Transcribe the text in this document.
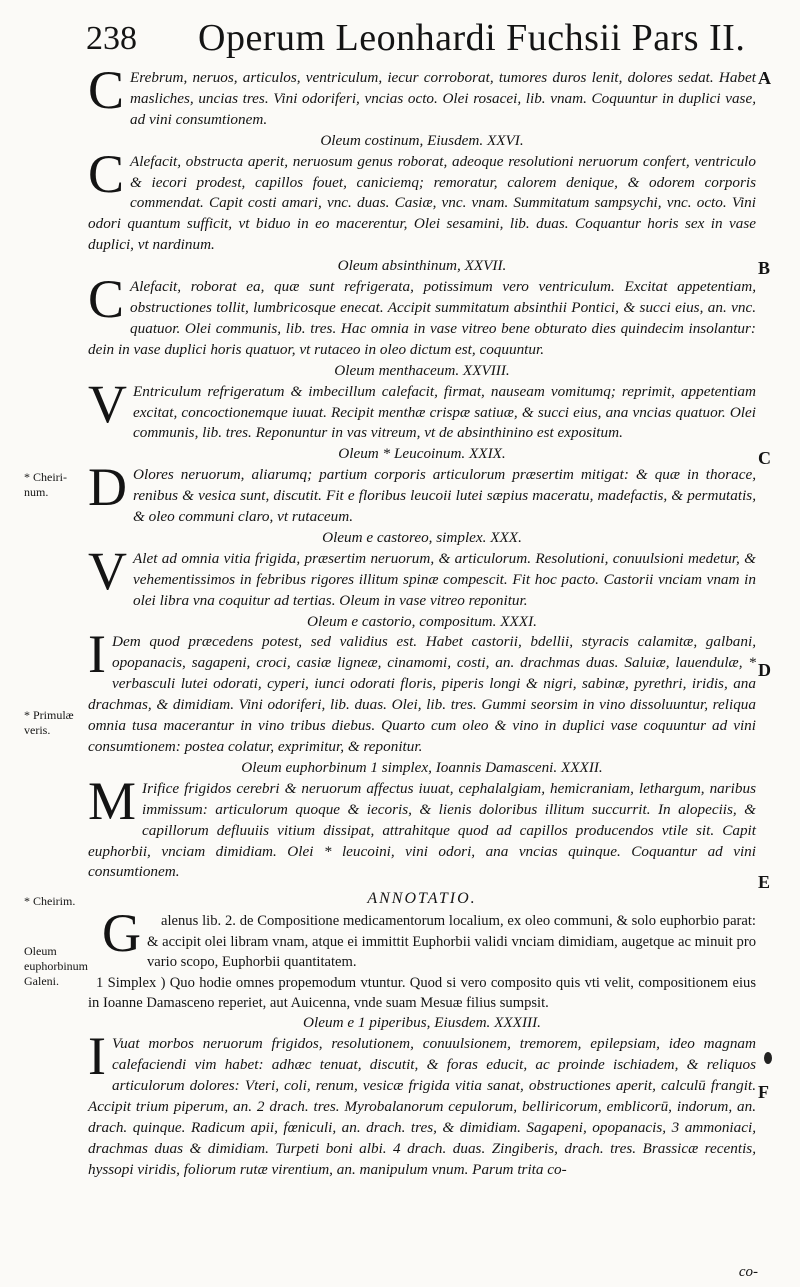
238 Operum Leonhardi Fuchsii Pars II.

CErebrum, neruos, articulos, ventriculum, iecur corroborat, tumores duros lenit, dolores sedat. Habet masliches, uncias tres. Vini odoriferi, vncias octo. Olei rosacei, lib. vnam. Coquuntur in duplici vase, ad vini consumtionem.

Oleum costinum, Eiusdem. XXVI.

CAlefacit, obstructa aperit, neruosum genus roborat, adeoque resolutioni neruorum confert, ventriculo & iecori prodest, capillos fouet, caniciemq; remoratur, calorem denique, & odorem corporis commendat. Capit costi amari, vnc. duas. Casiæ, vnc. vnam. Summitatum sampsychi, vnc. octo. Vini odori quantum sufficit, vt biduo in eo macerentur, Olei sesamini, lib. duas. Coquantur horis sex in vase duplici, vt nardinum.

Oleum absinthinum, XXVII.

CAlefacit, roborat ea, quæ sunt refrigerata, potissimum vero ventriculum. Excitat appetentiam, obstructiones tollit, lumbricosque enecat. Accipit summitatum absinthii Pontici, & succi eius, an. vnc. quatuor. Olei communis, lib. tres. Hac omnia in vase vitreo bene obturato dies quindecim insolantur: dein in vase duplici horis quatuor, vt rutaceo in oleo dictum est, coquuntur.

Oleum menthaceum. XXVIII.

VEntriculum refrigeratum & imbecillum calefacit, firmat, nauseam vomitumq; reprimit, appetentiam excitat, concoctionemque iuuat. Recipit menthæ crispæ satiuæ, & succi eius, ana vncias quatuor. Olei communis, lib. tres. Reponuntur in vas vitreum, vt de absinthinino est expositum.

Oleum * Leucoinum. XXIX.

DOlores neruorum, aliarumq; partium corporis articulorum præsertim mitigat: & quæ in thorace, renibus & vesica sunt, discutit. Fit e floribus leucoii lutei sæpius maceratu, madefactis, & permutatis, & oleo communi claro, vt rutaceum.

Oleum e castoreo, simplex. XXX.

VAlet ad omnia vitia frigida, præsertim neruorum, & articulorum. Resolutioni, conuulsioni medetur, & vehementissimos in febribus rigores illitum spinæ compescit. Fit hoc pacto. Castorii vnciam vnam in olei libra vna coquitur ad tertias. Oleum in vase vitreo reponitur.

Oleum e castorio, compositum. XXXI.

IDem quod præcedens potest, sed validius est. Habet castorii, bdellii, styracis calamitæ, galbani, opopanacis, sagapeni, croci, casiæ ligneæ, cinamomi, costi, an. drachmas duas. Saluiæ, lauendulæ, * verbasculi lutei odorati, cyperi, iunci odorati floris, piperis longi & nigri, sabinæ, pyrethri, iridis, ana drachmas, & dimidiam. Vini odoriferi, lib. duas. Olei, lib. tres. Gummi seorsim in vino dissoluuntur, reliqua omnia tusa macerantur in vino tribus diebus. Quarto cum oleo & vino in duplici vase coquuntur ad vini consumtionem: postea colatur, exprimitur, & reponitur.

Oleum euphorbinum 1 simplex, Ioannis Damasceni. XXXII.

MIrifice frigidos cerebri & neruorum affectus iuuat, cephalalgiam, hemicraniam, lethargum, naribus immissum: articulorum quoque & iecoris, & lienis doloribus illitum succurrit. In alopeciis, & capillorum defluuiis vitium dissipat, attrahitque quod ad capillos producendos vtile sit. Capit euphorbii, vnciam dimidiam. Olei * leucoini, vini odori, ana vncias quinque. Coquantur ad vini consumtionem.

ANNOTATIO.

Galenus lib. 2. de Compositione medicamentorum localium, ex oleo communi, & solo euphorbio parat: & accipit olei libram vnam, atque ei immittit Euphorbii validi vnciam dimidiam, augetque ac minuit pro vario scopo, Euphorbii quantitatem.

1 Simplex ) Quo hodie omnes propemodum vtuntur. Quod si vero composito quis vti velit, compositionem eius in Ioanne Damasceno reperiet, aut Auicenna, vnde suam Mesuæ filius sumpsit.

Oleum e 1 piperibus, Eiusdem. XXXIII.

IVuat morbos neruorum frigidos, resolutionem, conuulsionem, tremorem, epilepsiam, ideo magnam calefaciendi vim habet: adhæc tenuat, discutit, & foras educit, ac proinde ischiadem, & reliquos articulorum dolores: Vteri, coli, renum, vesicæ frigida vitia sanat, obstructiones aperit, calculū frangit. Accipit trium piperum, an. 2 drach. tres. Myrobalanorum cepulorum, belliricorum, emblicorū, indorum, an. drach. quinque. Radicum apii, fœniculi, an. drach. tres, & dimidiam. Sagapeni, opopanacis, 3 ammoniaci, drachmas duas & dimidiam. Turpeti boni albi. 4 drach. duas. Zingiberis, drach. tres. Brassicæ recentis, hyssopi viridis, foliorum rutæ virentium, an. manipulum vnum. Parum trita co-

* Cheiri-num.
* Primulæ veris.
* Cheirim.
Oleum euphorbinum Galeni.
A
B
C
D
E
F
co-
